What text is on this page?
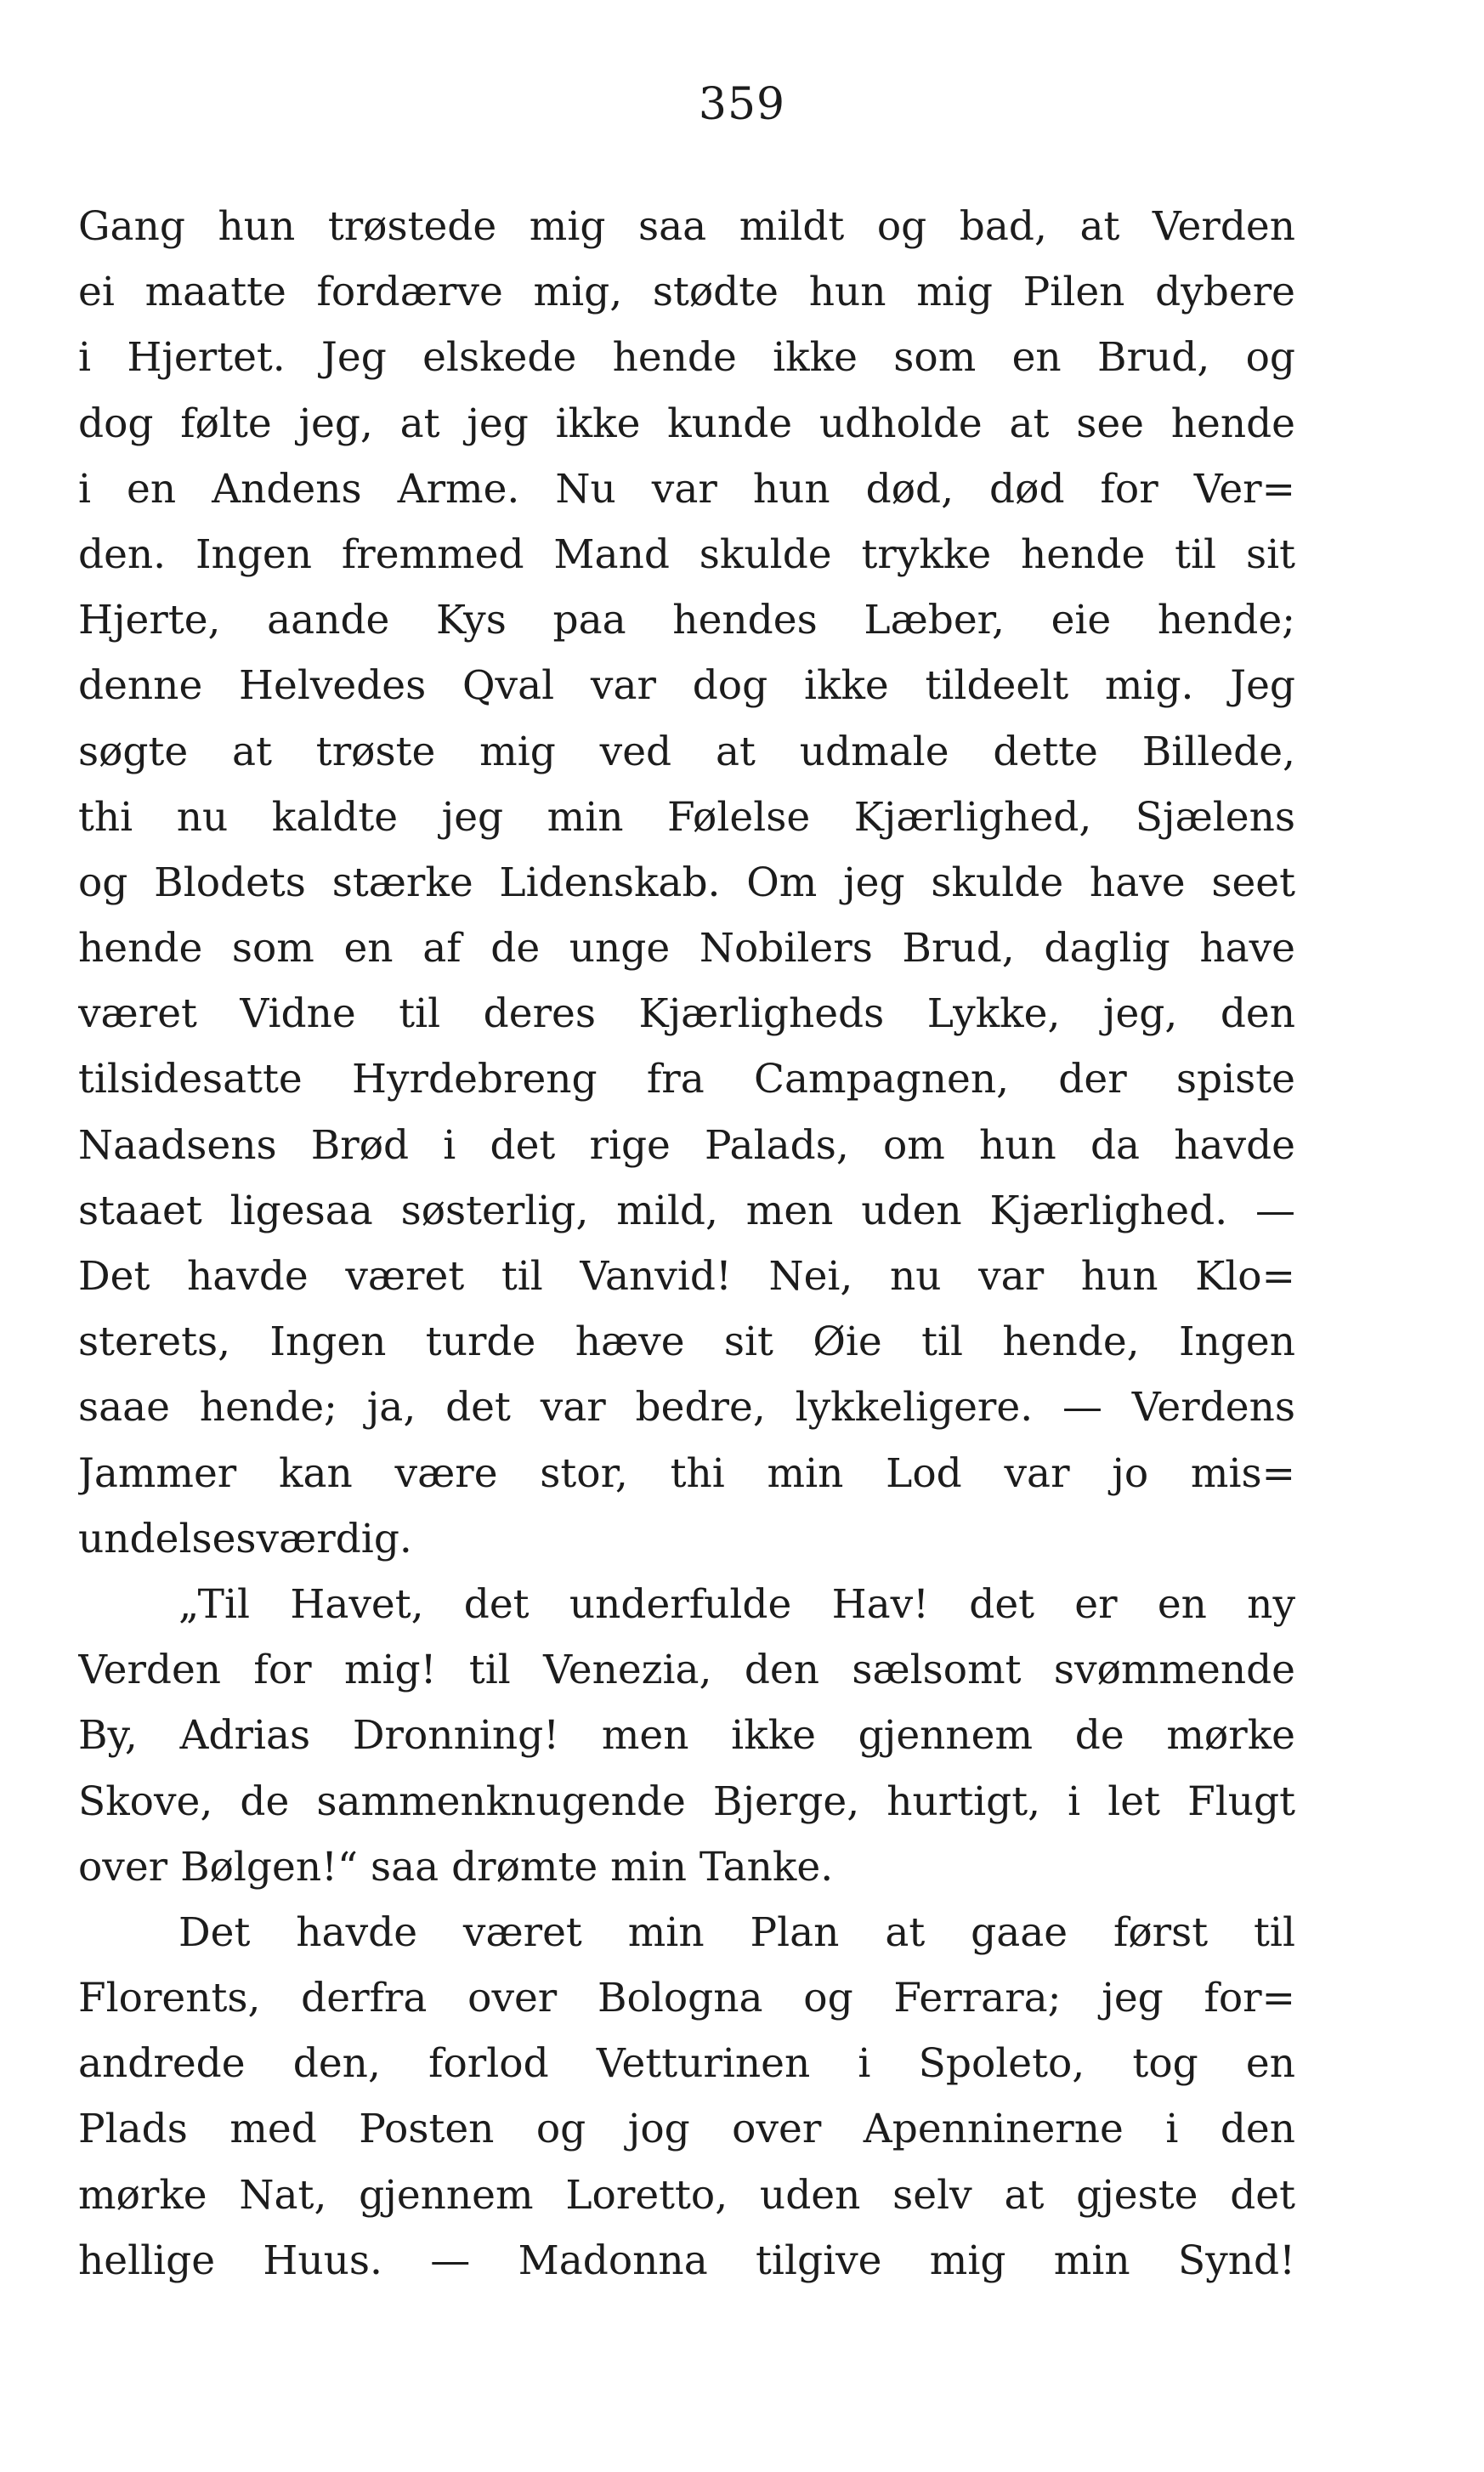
359
Gang hun trøstede mig saa mildt og bad, at Verden
ei maatte fordærve mig, stødte hun mig Pilen dybere
i Hjertet. Jeg elskede hende ikke som en Brud, og
dog følte jeg, at jeg ikke kunde udholde at see hende
i en Andens Arme. Nu var hun død, død for Ver=
den. Ingen fremmed Mand skulde trykke hende til sit
Hjerte, aande Kys paa hendes Læber, eie hende;
denne Helvedes Qval var dog ikke tildeelt mig. Jeg
søgte at trøste mig ved at udmale dette Billede,
thi nu kaldte jeg min Følelse Kjærlighed, Sjælens
og Blodets stærke Lidenskab. Om jeg skulde have seet
hende som en af de unge Nobilers Brud, daglig have
været Vidne til deres Kjærligheds Lykke, jeg, den
tilsidesatte Hyrdebreng fra Campagnen, der spiste
Naadsens Brød i det rige Palads, om hun da havde
staaet ligesaa søsterlig, mild, men uden Kjærlighed. —
Det havde været til Vanvid! Nei, nu var hun Klo=
sterets, Ingen turde hæve sit Øie til hende, Ingen
saae hende; ja, det var bedre, lykkeligere. — Verdens
Jammer kan være stor, thi min Lod var jo mis=
undelsesværdig.
„Til Havet, det underfulde Hav! det er en ny
Verden for mig! til Venezia, den sælsomt svømmende
By, Adrias Dronning! men ikke gjennem de mørke
Skove, de sammenknugende Bjerge, hurtigt, i let Flugt
over Bølgen!“ saa drømte min Tanke.
Det havde været min Plan at gaae først til
Florents, derfra over Bologna og Ferrara; jeg for=
andrede den, forlod Vetturinen i Spoleto, tog en
Plads med Posten og jog over Apenninerne i den
mørke Nat, gjennem Loretto, uden selv at gjeste det
hellige Huus. — Madonna tilgive mig min Synd!
